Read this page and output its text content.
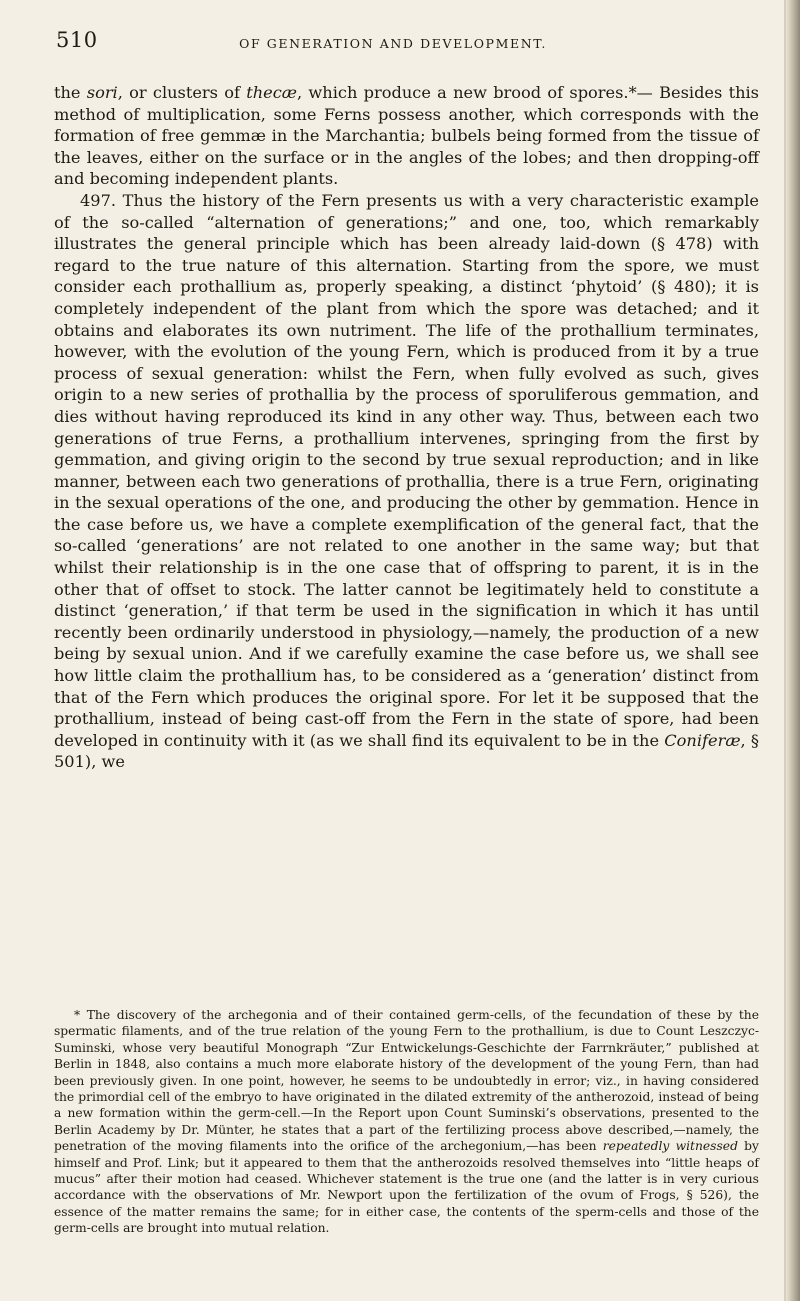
510	OF GENERATION AND DEVELOPMENT.

the sori, or clusters of thecæ, which produce a new brood of spores.*— Besides this method of multiplication, some Ferns possess another, which corresponds with the formation of free gemmæ in the Marchantia; bulbels being formed from the tissue of the leaves, either on the surface or in the angles of the lobes; and then dropping-off and becoming independent plants.

497. Thus the history of the Fern presents us with a very characteristic example of the so-called “alternation of generations;” and one, too, which remarkably illustrates the general principle which has been already laid-down (§ 478) with regard to the true nature of this alternation. Starting from the spore, we must consider each prothallium as, properly speaking, a distinct ‘phytoid’ (§ 480); it is completely independent of the plant from which the spore was detached; and it obtains and elaborates its own nutriment. The life of the prothallium terminates, however, with the evolution of the young Fern, which is produced from it by a true process of sexual generation: whilst the Fern, when fully evolved as such, gives origin to a new series of prothallia by the process of sporuliferous gemmation, and dies without having reproduced its kind in any other way. Thus, between each two generations of true Ferns, a prothallium intervenes, springing from the first by gemmation, and giving origin to the second by true sexual reproduction; and in like manner, between each two generations of prothallia, there is a true Fern, originating in the sexual operations of the one, and producing the other by gemmation. Hence in the case before us, we have a complete exemplification of the general fact, that the so-called ‘generations’ are not related to one another in the same way; but that whilst their relationship is in the one case that of offspring to parent, it is in the other that of offset to stock. The latter cannot be legitimately held to constitute a distinct ‘generation,’ if that term be used in the signification in which it has until recently been ordinarily understood in physiology,—namely, the production of a new being by sexual union. And if we carefully examine the case before us, we shall see how little claim the prothallium has, to be considered as a ‘generation’ distinct from that of the Fern which produces the original spore. For let it be supposed that the prothallium, instead of being cast-off from the Fern in the state of spore, had been developed in continuity with it (as we shall find its equivalent to be in the Coniferæ, § 501), we

* The discovery of the archegonia and of their contained germ-cells, of the fecundation of these by the spermatic filaments, and of the true relation of the young Fern to the prothallium, is due to Count Leszczyc-Suminski, whose very beautiful Monograph “Zur Entwickelungs-Geschichte der Farrnkräuter,” published at Berlin in 1848, also contains a much more elaborate history of the development of the young Fern, than had been previously given. In one point, however, he seems to be undoubtedly in error; viz., in having considered the primordial cell of the embryo to have originated in the dilated extremity of the antherozoid, instead of being a new formation within the germ-cell.—In the Report upon Count Suminski’s observations, presented to the Berlin Academy by Dr. Münter, he states that a part of the fertilizing process above described,—namely, the penetration of the moving filaments into the orifice of the archegonium,—has been repeatedly witnessed by himself and Prof. Link; but it appeared to them that the antherozoids resolved themselves into “little heaps of mucus” after their motion had ceased. Whichever statement is the true one (and the latter is in very curious accordance with the observations of Mr. Newport upon the fertilization of the ovum of Frogs, § 526), the essence of the matter remains the same; for in either case, the contents of the sperm-cells and those of the germ-cells are brought into mutual relation.
